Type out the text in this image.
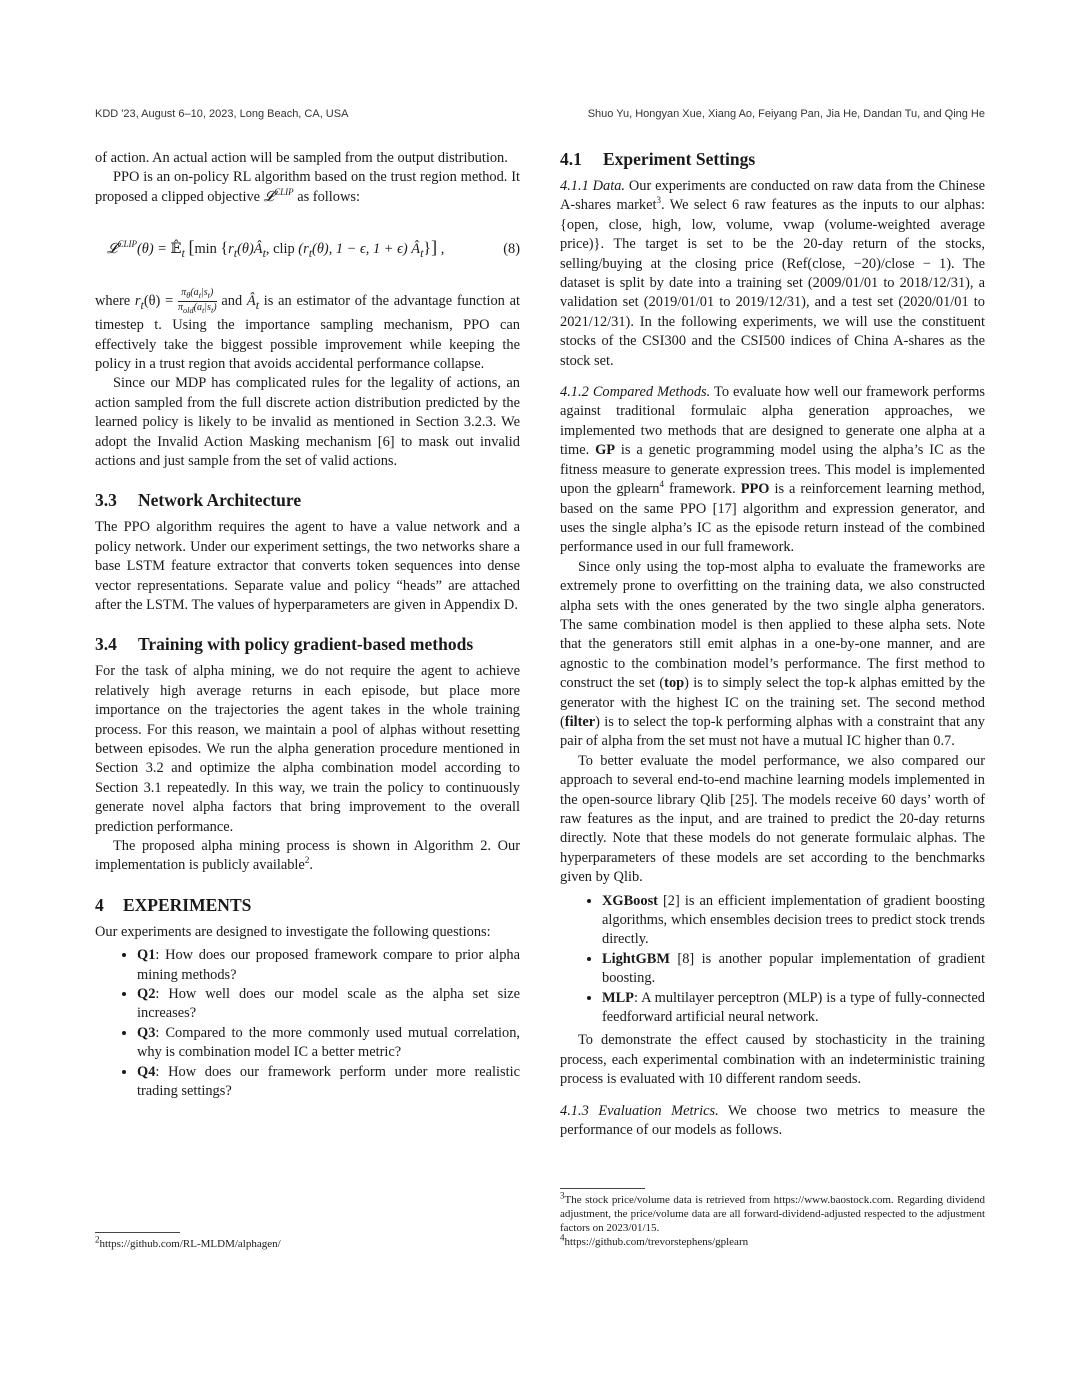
KDD '23, August 6–10, 2023, Long Beach, CA, USA	Shuo Yu, Hongyan Xue, Xiang Ao, Feiyang Pan, Jia He, Dandan Tu, and Qing He

of action. An actual action will be sampled from the output distribution.

PPO is an on-policy RL algorithm based on the trust region method. It proposed a clipped objective 𝓛$^{CLIP}$ as follows:

𝓛$^{CLIP}$(θ) = $𝔼̂_t$ [min {$r_t(\theta)Â_t$, clip ($r_t(\theta)$, 1 − ϵ, 1 + ϵ) $Â_t$}] ,	(8)

where $r_t(\theta) = \frac{\pi_\theta(a_t|s_t)}{\pi_{old}(a_t|s_t)}$ and $Â_t$ is an estimator of the advantage function at timestep t. Using the importance sampling mechanism, PPO can effectively take the biggest possible improvement while keeping the policy in a trust region that avoids accidental performance collapse.

Since our MDP has complicated rules for the legality of actions, an action sampled from the full discrete action distribution predicted by the learned policy is likely to be invalid as mentioned in Section 3.2.3. We adopt the Invalid Action Masking mechanism [6] to mask out invalid actions and just sample from the set of valid actions.

3.3	Network Architecture

The PPO algorithm requires the agent to have a value network and a policy network. Under our experiment settings, the two networks share a base LSTM feature extractor that converts token sequences into dense vector representations. Separate value and policy “heads” are attached after the LSTM. The values of hyperparameters are given in Appendix D.

3.4	Training with policy gradient-based methods

For the task of alpha mining, we do not require the agent to achieve relatively high average returns in each episode, but place more importance on the trajectories the agent takes in the whole training process. For this reason, we maintain a pool of alphas without resetting between episodes. We run the alpha generation procedure mentioned in Section 3.2 and optimize the alpha combination model according to Section 3.1 repeatedly. In this way, we train the policy to continuously generate novel alpha factors that bring improvement to the overall prediction performance.

The proposed alpha mining process is shown in Algorithm 2. Our implementation is publicly available$^2$.

4	EXPERIMENTS

Our experiments are designed to investigate the following questions:

• Q1: How does our proposed framework compare to prior alpha mining methods?
• Q2: How well does our model scale as the alpha set size increases?
• Q3: Compared to the more commonly used mutual correlation, why is combination model IC a better metric?
• Q4: How does our framework perform under more realistic trading settings?
$^2$https://github.com/RL-MLDM/alphagen/
4.1	Experiment Settings

4.1.1 Data. Our experiments are conducted on raw data from the Chinese A-shares market$^3$. We select 6 raw features as the inputs to our alphas: {open, close, high, low, volume, vwap (volume-weighted average price)}. The target is set to be the 20-day return of the stocks, selling/buying at the closing price (Ref(close, −20)/close − 1). The dataset is split by date into a training set (2009/01/01 to 2018/12/31), a validation set (2019/01/01 to 2019/12/31), and a test set (2020/01/01 to 2021/12/31). In the following experiments, we will use the constituent stocks of the CSI300 and the CSI500 indices of China A-shares as the stock set.

4.1.2 Compared Methods. To evaluate how well our framework performs against traditional formulaic alpha generation approaches, we implemented two methods that are designed to generate one alpha at a time. GP is a genetic programming model using the alpha’s IC as the fitness measure to generate expression trees. This model is implemented upon the gplearn$^4$ framework. PPO is a reinforcement learning method, based on the same PPO [17] algorithm and expression generator, and uses the single alpha’s IC as the episode return instead of the combined performance used in our full framework.

Since only using the top-most alpha to evaluate the frameworks are extremely prone to overfitting on the training data, we also constructed alpha sets with the ones generated by the two single alpha generators. The same combination model is then applied to these alpha sets. Note that the generators still emit alphas in a one-by-one manner, and are agnostic to the combination model’s performance. The first method to construct the set (top) is to simply select the top-k alphas emitted by the generator with the highest IC on the training set. The second method (filter) is to select the top-k performing alphas with a constraint that any pair of alpha from the set must not have a mutual IC higher than 0.7.

To better evaluate the model performance, we also compared our approach to several end-to-end machine learning models implemented in the open-source library Qlib [25]. The models receive 60 days’ worth of raw features as the input, and are trained to predict the 20-day returns directly. Note that these models do not generate formulaic alphas. The hyperparameters of these models are set according to the benchmarks given by Qlib.

• XGBoost [2] is an efficient implementation of gradient boosting algorithms, which ensembles decision trees to predict stock trends directly.
• LightGBM [8] is another popular implementation of gradient boosting.
• MLP: A multilayer perceptron (MLP) is a type of fully-connected feedforward artificial neural network.

To demonstrate the effect caused by stochasticity in the training process, each experimental combination with an indeterministic training process is evaluated with 10 different random seeds.

4.1.3 Evaluation Metrics. We choose two metrics to measure the performance of our models as follows.

$^3$The stock price/volume data is retrieved from https://www.baostock.com. Regarding dividend adjustment, the price/volume data are all forward-dividend-adjusted respected to the adjustment factors on 2023/01/15.
$^4$https://github.com/trevorstephens/gplearn
